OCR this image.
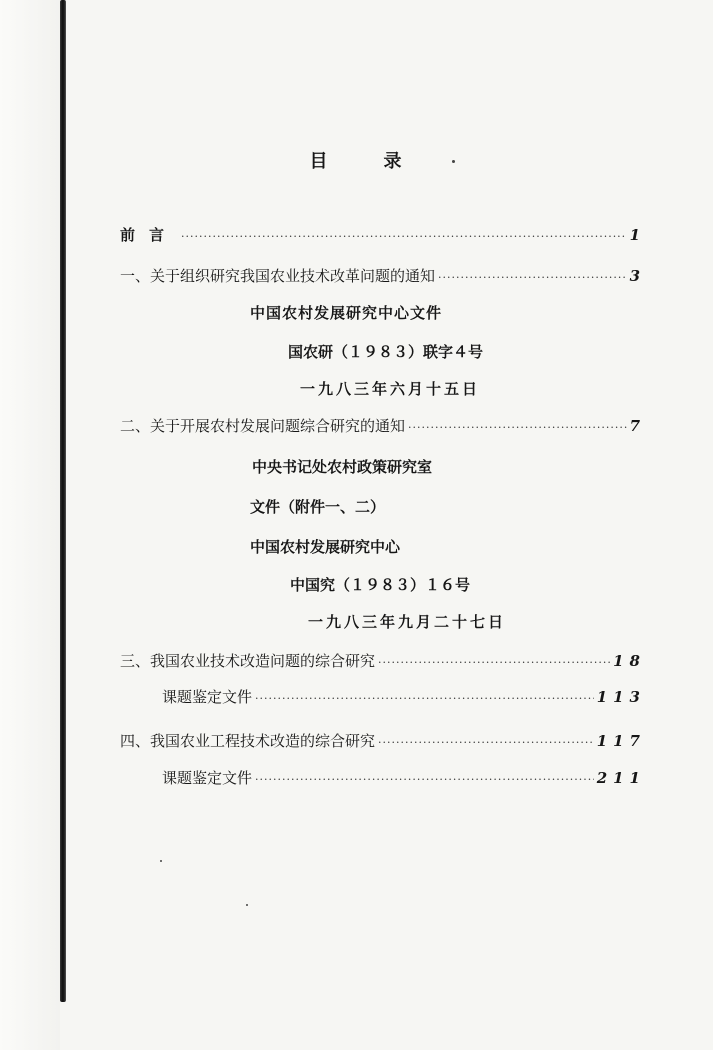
目	录
前言 ·····	1
一、关于组织研究我国农业技术改革问题的通知 ·····	3
中国农村发展研究中心文件
国农研（１９８３）联字４号
一九八三年六月十五日
二、关于开展农村发展问题综合研究的通知 ·····	7
中央书记处农村政策研究室
文件（附件一、二）
中国农村发展研究中心
中国究（１９８３）１６号
一九八三年九月二十七日
三、我国农业技术改造问题的综合研究 ·····	18
课题鉴定文件 ·····	113
四、我国农业工程技术改造的综合研究 ·····	117
课题鉴定文件 ·····	211
